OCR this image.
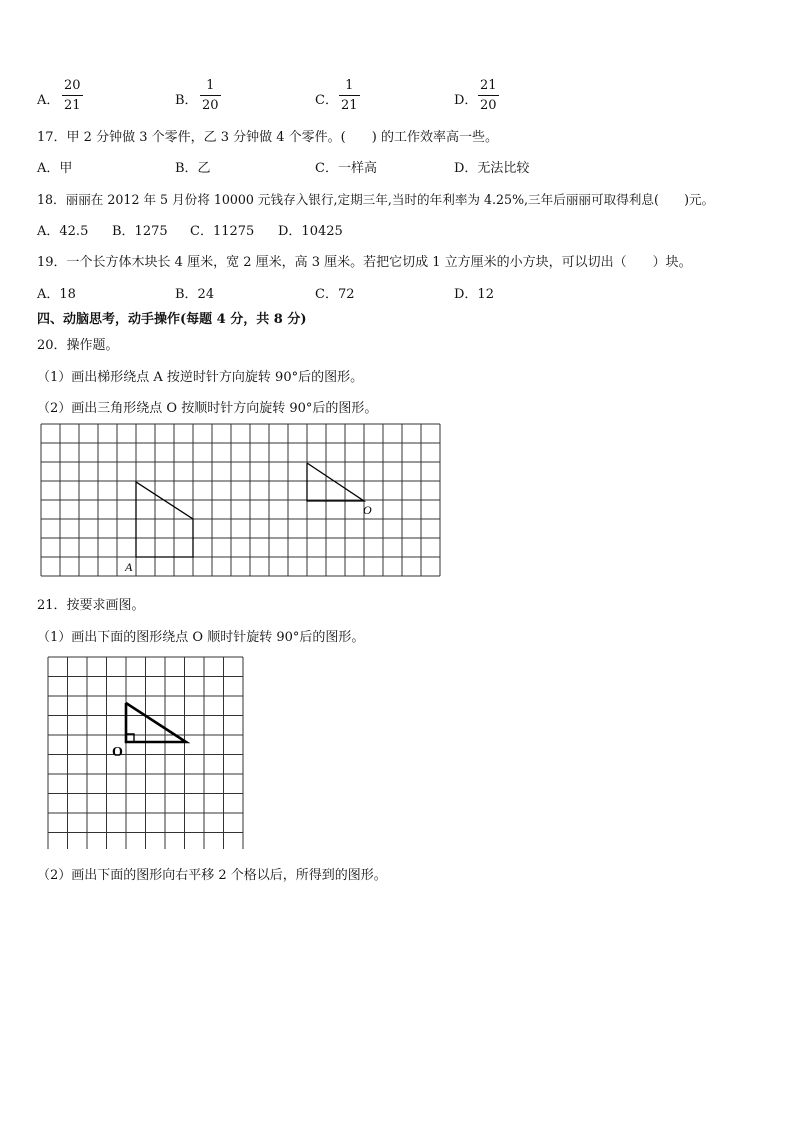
A．
20
21	B．
1
20	C．
1
21	D．
21
20
17．甲 2 分钟做 3 个零件，乙 3 分钟做 4 个零件。(　　) 的工作效率高一些。
A．甲	B．乙	C．一样高	D．无法比较
18．丽丽在 2012 年 5 月份将 10000 元钱存入银行,定期三年,当时的年利率为 4.25%,三年后丽丽可取得利息(　　)元。
A．42.5 B．1275 C．11275 D．10425
19．一个长方体木块长 4 厘米，宽 2 厘米，高 3 厘米。若把它切成 1 立方厘米的小方块，可以切出（　　）块。
A．18	B．24	C．72	D．12
四、动脑思考，动手操作(每题 4 分，共 8 分)
20．操作题。
（1）画出梯形绕点 A 按逆时针方向旋转 90°后的图形。
（2）画出三角形绕点 O 按顺时针方向旋转 90°后的图形。
A
O
21．按要求画图。
（1）画出下面的图形绕点 O 顺时针旋转 90°后的图形。
O
（2）画出下面的图形向右平移 2 个格以后，所得到的图形。
